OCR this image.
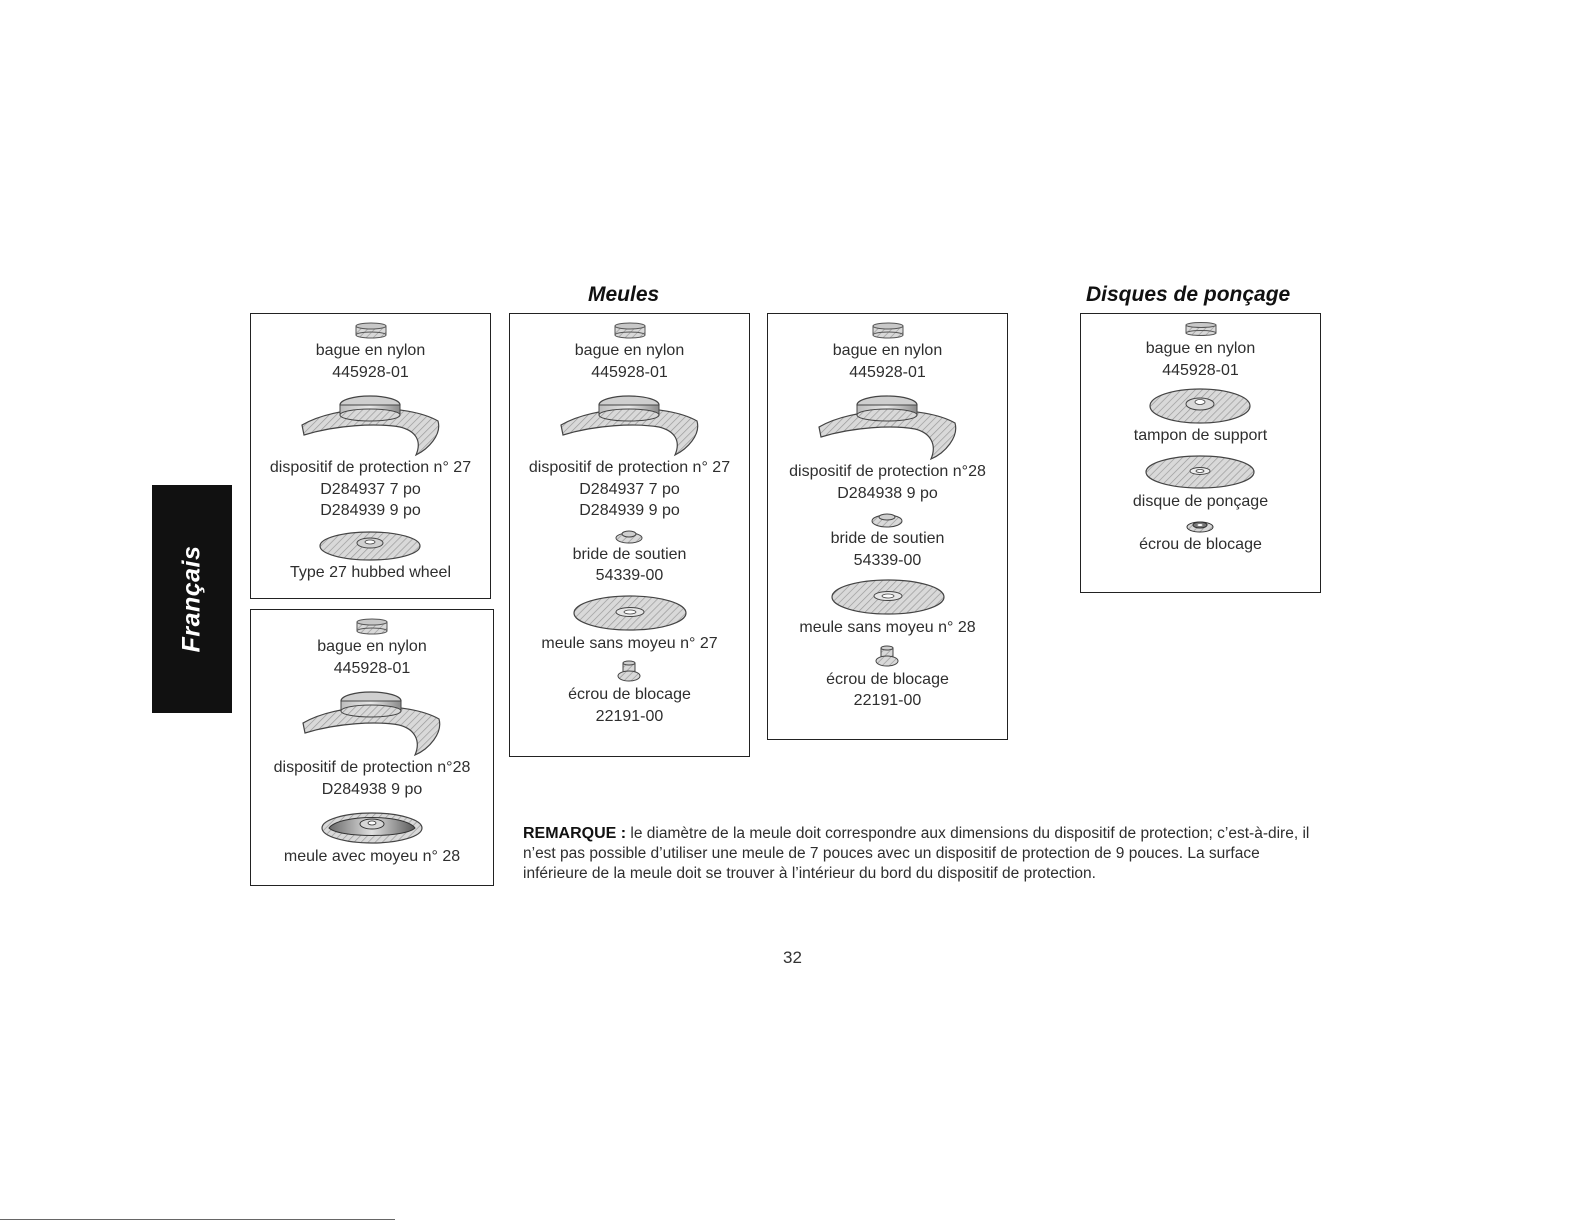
Français
Meules	Disques de ponçage
bague en nylon
445928-01
dispositif de protection n° 27
D284937 7 po
D284939 9 po
Type 27 hubbed wheel
bague en nylon
445928-01
dispositif de protection n°28
D284938 9 po
meule avec moyeu n° 28
bague en nylon
445928-01
dispositif de protection n° 27
D284937 7 po
D284939 9 po
bride de soutien
54339-00
meule sans moyeu n° 27
écrou de blocage
22191-00
bague en nylon
445928-01
dispositif de protection n°28
D284938 9 po
bride de soutien
54339-00
meule sans moyeu n° 28
écrou de blocage
22191-00
bague en nylon
445928-01
tampon de support
disque de ponçage
écrou de blocage
REMARQUE : le diamètre de la meule doit correspondre aux dimensions du dispositif de protection; c’est-à-dire, il n’est pas possible d’utiliser une meule de 7 pouces avec un dispositif de protection de 9 pouces. La surface inférieure de la meule doit se trouver à l’intérieur du bord du dispositif de protection.
32
